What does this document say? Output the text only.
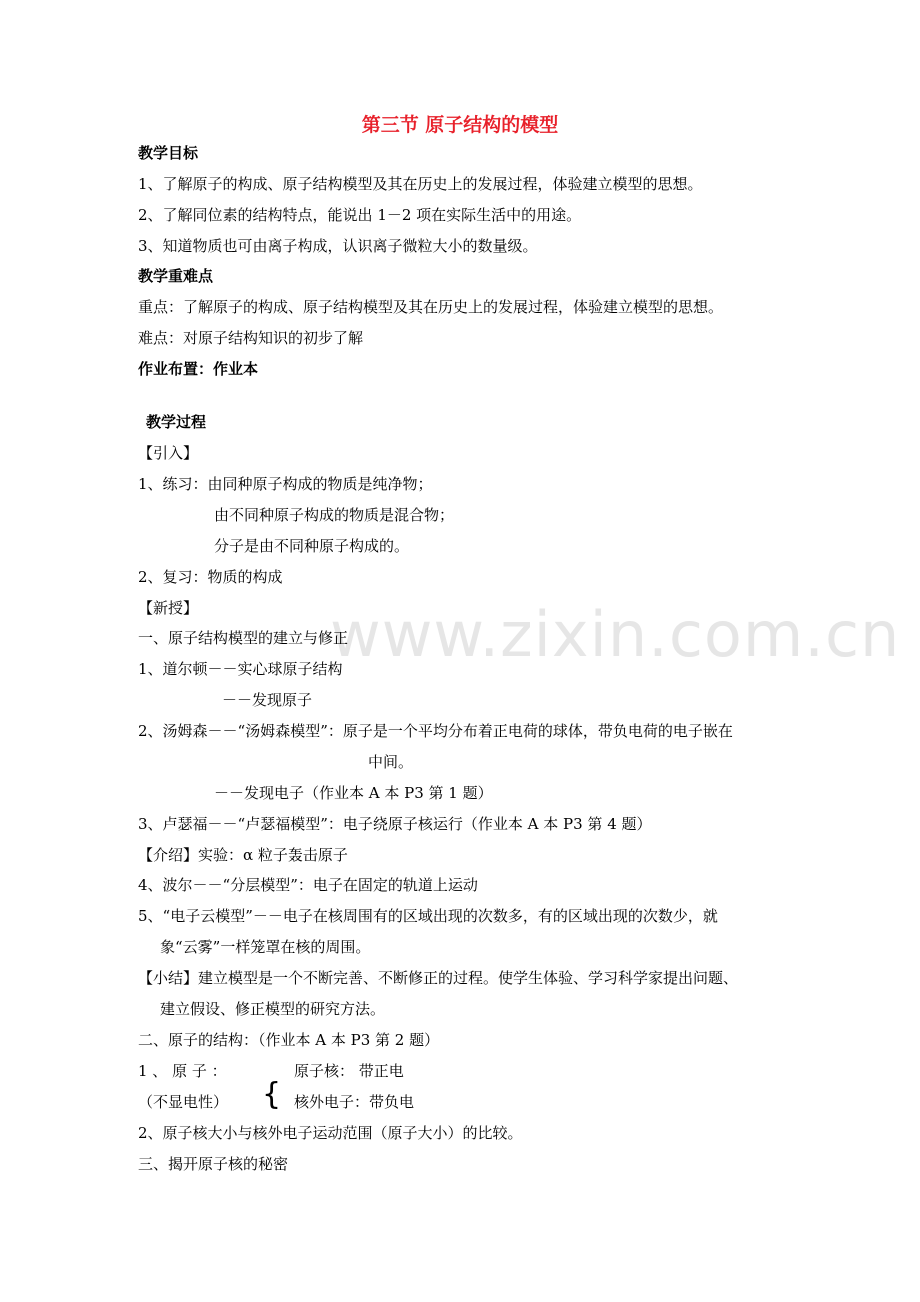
www.zixin.com.cn
第三节 原子结构的模型
教学目标
1、了解原子的构成、原子结构模型及其在历史上的发展过程，体验建立模型的思想。
2、了解同位素的结构特点，能说出 1－2 项在实际生活中的用途。
3、知道物质也可由离子构成，认识离子微粒大小的数量级。
教学重难点
重点：了解原子的构成、原子结构模型及其在历史上的发展过程，体验建立模型的思想。
难点：对原子结构知识的初步了解
作业布置：作业本
教学过程
【引入】
1、练习：由同种原子构成的物质是纯净物；
由不同种原子构成的物质是混合物；
分子是由不同种原子构成的。
2、复习：物质的构成
【新授】
一、原子结构模型的建立与修正
1、道尔顿－－实心球原子结构
－－发现原子
2、汤姆森－－“汤姆森模型”：原子是一个平均分布着正电荷的球体，带负电荷的电子嵌在
中间。
－－发现电子（作业本 A 本 P3 第 1 题）
3、卢瑟福－－“卢瑟福模型”：电子绕原子核运行（作业本 A 本 P3 第 4 题）
【介绍】实验：α 粒子轰击原子
4、波尔－－“分层模型”：电子在固定的轨道上运动
5、“电子云模型”－－电子在核周围有的区域出现的次数多，有的区域出现的次数少，就
象“云雾”一样笼罩在核的周围。
【小结】建立模型是一个不断完善、不断修正的过程。使学生体验、学习科学家提出问题、
建立假设、修正模型的研究方法。
二、原子的结构：（作业本 A 本 P3 第 2 题）
1 、 原 子 ：
{
原子核： 带正电
（不显电性）	核外电子：带负电
2、原子核大小与核外电子运动范围（原子大小）的比较。
三、揭开原子核的秘密
